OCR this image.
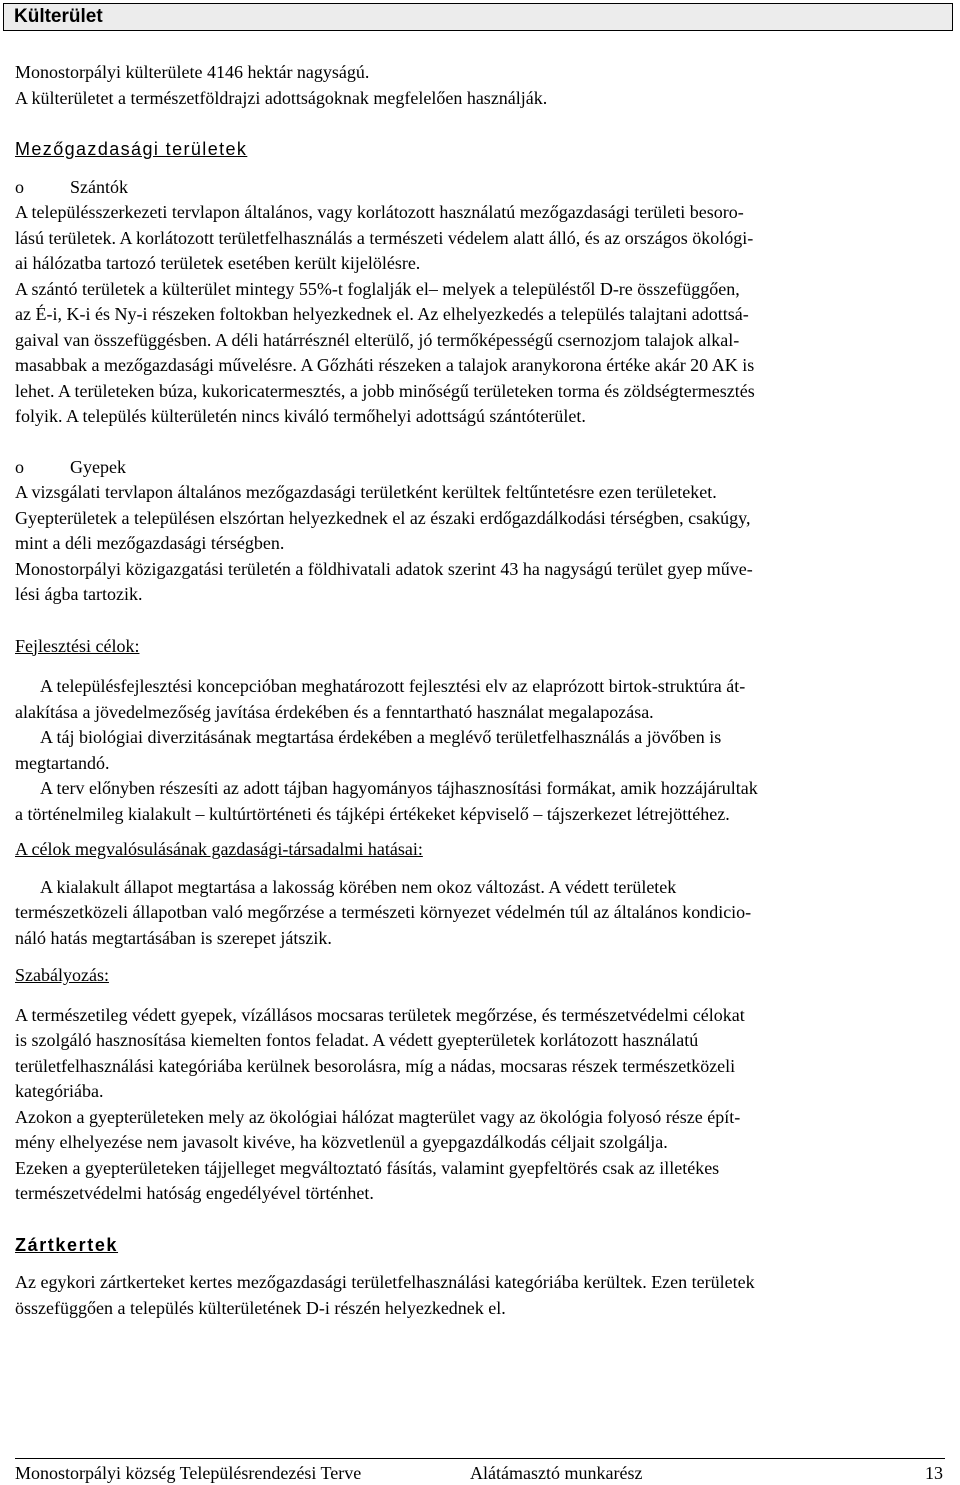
Külterület

Monostorpályi külterülete 4146 hektár nagyságú.
A külterületet a természetföldrajzi adottságoknak megfelelően használják.

Mezőgazdasági területek

o	Szántók

A településszerkezeti tervlapon általános, vagy korlátozott használatú mezőgazdasági területi besoro-
lású területek. A korlátozott területfelhasználás a természeti védelem alatt álló, és az országos ökológi-
ai hálózatba tartozó területek esetében került kijelölésre.

A szántó területek a külterület mintegy 55%-t foglalják el– melyek a településtől D-re összefüggően,
az É-i, K-i és Ny-i részeken foltokban helyezkednek el. Az elhelyezkedés a település talajtani adottsá-
gaival van összefüggésben. A déli határrésznél elterülő, jó termőképességű csernozjom talajok alkal-
masabbak a mezőgazdasági művelésre. A Gőzháti részeken a talajok aranykorona értéke akár 20 AK is
lehet. A területeken búza, kukoricatermesztés, a jobb minőségű területeken torma és zöldségtermesztés
folyik. A település külterületén nincs kiváló termőhelyi adottságú szántóterület.

o	Gyepek

A vizsgálati tervlapon általános mezőgazdasági területként kerültek feltűntetésre ezen területeket.
Gyepterületek a településen elszórtan helyezkednek el az északi erdőgazdálkodási térségben, csakúgy,
mint a déli mezőgazdasági térségben.

Monostorpályi közigazgatási területén a földhivatali adatok szerint 43 ha nagyságú terület gyep műve-
lési ágba tartozik.

Fejlesztési célok:

A településfejlesztési koncepcióban meghatározott fejlesztési elv az elaprózott birtok-struktúra át-
alakítása a jövedelmezőség javítása érdekében és a fenntartható használat megalapozása.

A táj biológiai diverzitásának megtartása érdekében a meglévő területfelhasználás a jövőben is
megtartandó.

A terv előnyben részesíti az adott tájban hagyományos tájhasznosítási formákat, amik hozzájárultak
a történelmileg kialakult – kultúrtörténeti és tájképi értékeket képviselő – tájszerkezet létrejöttéhez.

A célok megvalósulásának gazdasági-társadalmi hatásai:

A kialakult állapot megtartása a lakosság körében nem okoz változást. A védett területek
természetközeli állapotban való megőrzése a természeti környezet védelmén túl az általános kondicio-
náló hatás megtartásában is szerepet játszik.

Szabályozás:

A természetileg védett gyepek, vízállásos mocsaras területek megőrzése, és természetvédelmi célokat
is szolgáló hasznosítása kiemelten fontos feladat. A védett gyepterületek korlátozott használatú
területfelhasználási kategóriába kerülnek besorolásra, míg a nádas, mocsaras részek természetközeli
kategóriába.

Azokon a gyepterületeken mely az ökológiai hálózat magterület vagy az ökológia folyosó része épít-
mény elhelyezése nem javasolt kivéve, ha közvetlenül a gyepgazdálkodás céljait szolgálja.

Ezeken a gyepterületeken tájjelleget megváltoztató fásítás, valamint gyepfeltörés csak az illetékes
természetvédelmi hatóság engedélyével történhet.

Zártkertek

Az egykori zártkerteket kertes mezőgazdasági területfelhasználási kategóriába kerültek. Ezen területek
összefüggően a település külterületének D-i részén helyezkednek el.

Monostorpályi község Településrendezési Terve	Alátámasztó munkarész	13
